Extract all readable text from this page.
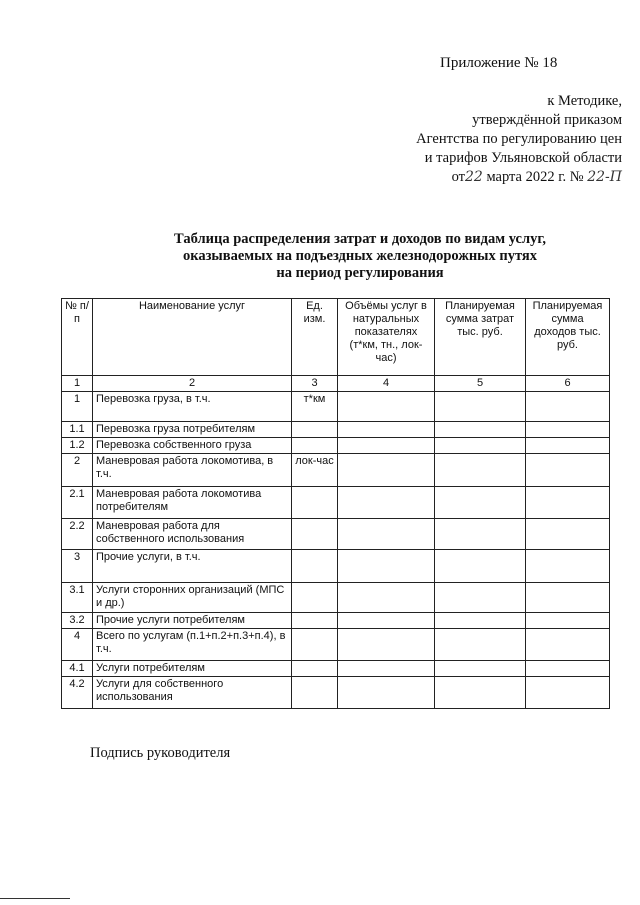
Приложение № 18
к Методике,
утверждённой приказом
Агентства по регулированию цен
и тарифов Ульяновской области
от22 марта 2022 г. № 22-П
Таблица распределения затрат и доходов по видам услуг,
оказываемых на подъездных железнодорожных путях
на период регулирования
№ п/п	Наименование услуг	Ед. изм.	Объёмы услуг в натуральных показателях (т*км, тн., лок-час)	Планируемая сумма затрат тыс. руб.	Планируемая сумма доходов тыс. руб.
1	2	3	4	5	6
1	Перевозка груза, в т.ч.	т*км			
1.1	Перевозка груза потребителям				
1.2	Перевозка собственного груза				
2	Маневровая работа локомотива, в т.ч.	лок-час			
2.1	Маневровая работа локомотива потребителям				
2.2	Маневровая работа для собственного использования				
3	Прочие услуги, в т.ч.				
3.1	Услуги сторонних организаций (МПС и др.)				
3.2	Прочие услуги потребителям				
4	Всего по услугам (п.1+п.2+п.3+п.4), в т.ч.				
4.1	Услуги потребителям				
4.2	Услуги для собственного использования				
Подпись руководителя
